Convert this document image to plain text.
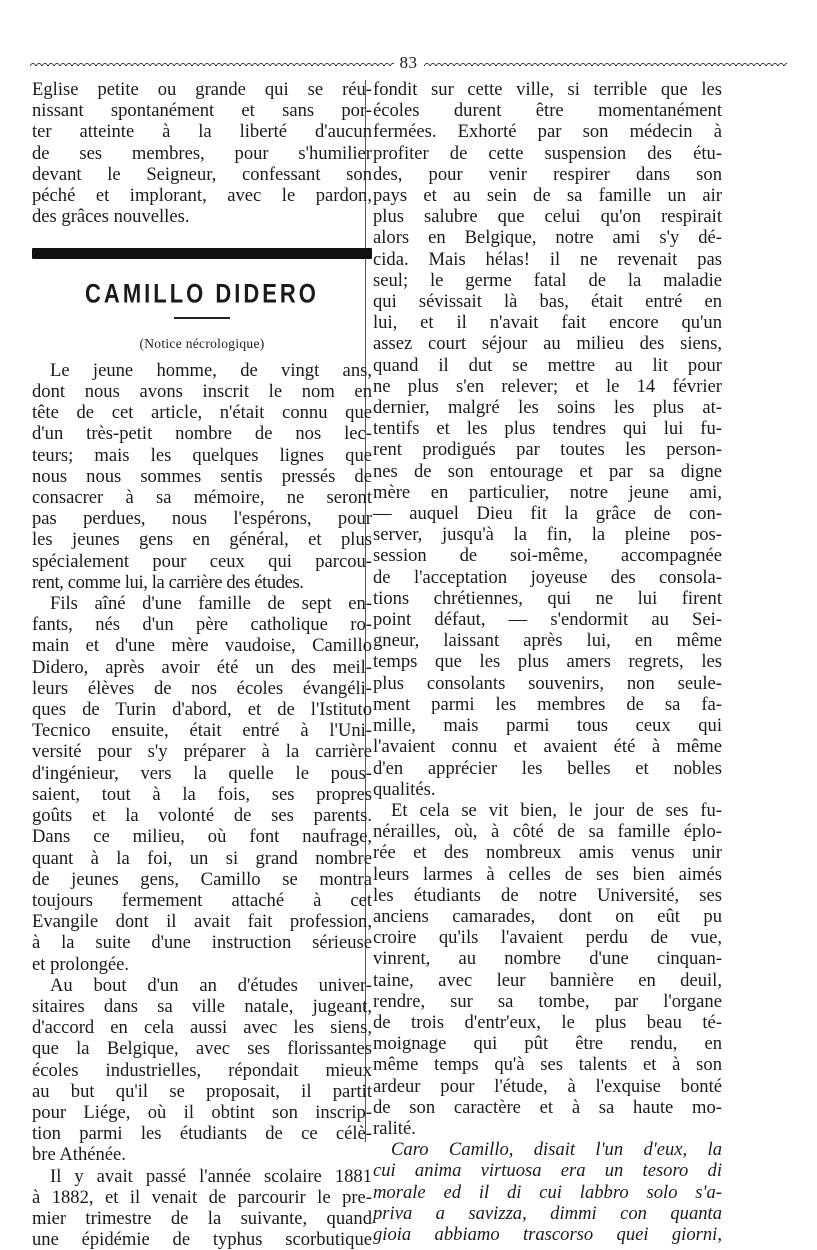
83

Eglise petite ou grande qui se réu-
nissant spontanément et sans por-
ter atteinte à la liberté d'aucun
de ses membres, pour s'humilier
devant le Seigneur, confessant son
péché et implorant, avec le pardon,
des grâces nouvelles.

CAMILLO DIDERO
(Notice nécrologique)

Le jeune homme, de vingt ans,
dont nous avons inscrit le nom en
tête de cet article, n'était connu que
d'un très-petit nombre de nos lec-
teurs; mais les quelques lignes que
nous nous sommes sentis pressés de
consacrer à sa mémoire, ne seront
pas perdues, nous l'espérons, pour
les jeunes gens en général, et plus
spécialement pour ceux qui parcou-
rent, comme lui, la carrière des études.

Fils aîné d'une famille de sept en-
fants, nés d'un père catholique ro-
main et d'une mère vaudoise, Camillo
Didero, après avoir été un des meil-
leurs élèves de nos écoles évangéli-
ques de Turin d'abord, et de l'Istituto
Tecnico ensuite, était entré à l'Uni-
versité pour s'y préparer à la carrière
d'ingénieur, vers la quelle le pous-
saient, tout à la fois, ses propres
goûts et la volonté de ses parents.
Dans ce milieu, où font naufrage,
quant à la foi, un si grand nombre
de jeunes gens, Camillo se montra
toujours fermement attaché à cet
Evangile dont il avait fait profession,
à la suite d'une instruction sérieuse
et prolongée.

Au bout d'un an d'études univer-
sitaires dans sa ville natale, jugeant,
d'accord en cela aussi avec les siens,
que la Belgique, avec ses florissantes
écoles industrielles, répondait mieux
au but qu'il se proposait, il partit
pour Liége, où il obtint son inscrip-
tion parmi les étudiants de ce célè-
bre Athénée.

Il y avait passé l'année scolaire 1881
à 1882, et il venait de parcourir le pre-
mier trimestre de la suivante, quand
une épidémie de typhus scorbutique

fondit sur cette ville, si terrible que les
écoles durent être momentanément
fermées. Exhorté par son médecin à
profiter de cette suspension des étu-
des, pour venir respirer dans son
pays et au sein de sa famille un air
plus salubre que celui qu'on respirait
alors en Belgique, notre ami s'y dé-
cida. Mais hélas! il ne revenait pas
seul; le germe fatal de la maladie
qui sévissait là bas, était entré en
lui, et il n'avait fait encore qu'un
assez court séjour au milieu des siens,
quand il dut se mettre au lit pour
ne plus s'en relever; et le 14 février
dernier, malgré les soins les plus at-
tentifs et les plus tendres qui lui fu-
rent prodigués par toutes les person-
nes de son entourage et par sa digne
mère en particulier, notre jeune ami,
— auquel Dieu fit la grâce de con-
server, jusqu'à la fin, la pleine pos-
session de soi-même, accompagnée
de l'acceptation joyeuse des consola-
tions chrétiennes, qui ne lui firent
point défaut, — s'endormit au Sei-
gneur, laissant après lui, en même
temps que les plus amers regrets, les
plus consolants souvenirs, non seule-
ment parmi les membres de sa fa-
mille, mais parmi tous ceux qui
l'avaient connu et avaient été à même
d'en apprécier les belles et nobles
qualités.

Et cela se vit bien, le jour de ses fu-
nérailles, où, à côté de sa famille éplo-
rée et des nombreux amis venus unir
leurs larmes à celles de ses bien aimés
les étudiants de notre Université, ses
anciens camarades, dont on eût pu
croire qu'ils l'avaient perdu de vue,
vinrent, au nombre d'une cinquan-
taine, avec leur bannière en deuil,
rendre, sur sa tombe, par l'organe
de trois d'entr'eux, le plus beau té-
moignage qui pût être rendu, en
même temps qu'à ses talents et à son
ardeur pour l'étude, à l'exquise bonté
de son caractère et à sa haute mo-
ralité.

Caro Camillo, disait l'un d'eux, la
cui anima virtuosa era un tesoro di
morale ed il di cui labbro solo s'a-
priva a savizza, dimmi con quanta
gioia abbiamo trascorso quei giorni,
